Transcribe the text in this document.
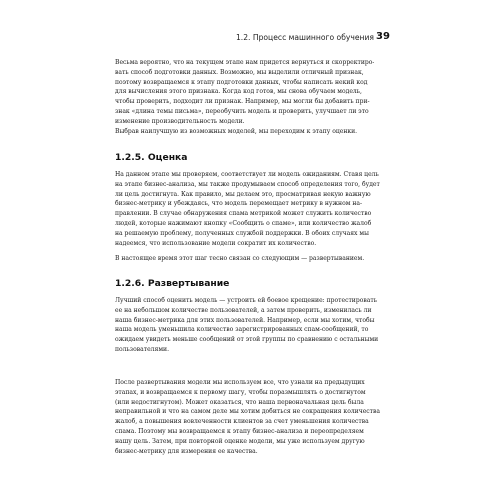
1.2. Процесс машинного обучения 39
Весьма вероятно, что на текущем этапе нам придется вернуться и скорректиро-
вать способ подготовки данных. Возможно, мы выделили отличный признак,
поэтому возвращаемся к этапу подготовки данных, чтобы написать некий код
для вычисления этого признака. Когда код готов, мы снова обучаем модель,
чтобы проверить, подходит ли признак. Например, мы могли бы добавить при-
знак «длина темы письма», переобучить модель и проверить, улучшает ли это
изменение производительность модели.
Выбрав наилучшую из возможных моделей, мы переходим к этапу оценки.
1.2.5. Оценка
На данном этапе мы проверяем, соответствует ли модель ожиданиям. Ставя цель
на этапе бизнес-анализа, мы также продумываем способ определения того, будет
ли цель достигнута. Как правило, мы делаем это, просматривая некую важную
бизнес-метрику и убеждаясь, что модель перемещает метрику в нужном на-
правлении. В случае обнаружения спама метрикой может служить количество
людей, которые нажимают кнопку «Сообщить о спаме», или количество жалоб
на решаемую проблему, полученных службой поддержки. В обоих случаях мы
надеемся, что использование модели сократит их количество.
В настоящее время этот шаг тесно связан со следующим — развертыванием.
1.2.6. Развертывание
Лучший способ оценить модель — устроить ей боевое крещение: протестировать
ее на небольшом количестве пользователей, а затем проверить, изменилась ли
наша бизнес-метрика для этих пользователей. Например, если мы хотим, чтобы
наша модель уменьшила количество зарегистрированных спам-сообщений, то
ожидаем увидеть меньше сообщений от этой группы по сравнению с остальными
пользователями.
После развертывания модели мы используем все, что узнали на предыдущих
этапах, и возвращаемся к первому шагу, чтобы поразмышлять о достигнутом
(или недостигнутом). Может оказаться, что наша первоначальная цель была
неправильной и что на самом деле мы хотим добиться не сокращения количества
жалоб, а повышения вовлеченности клиентов за счет уменьшения количества
спама. Поэтому мы возвращаемся к этапу бизнес-анализа и переопределяем
нашу цель. Затем, при повторной оценке модели, мы уже используем другую
бизнес-метрику для измерения ее качества.
